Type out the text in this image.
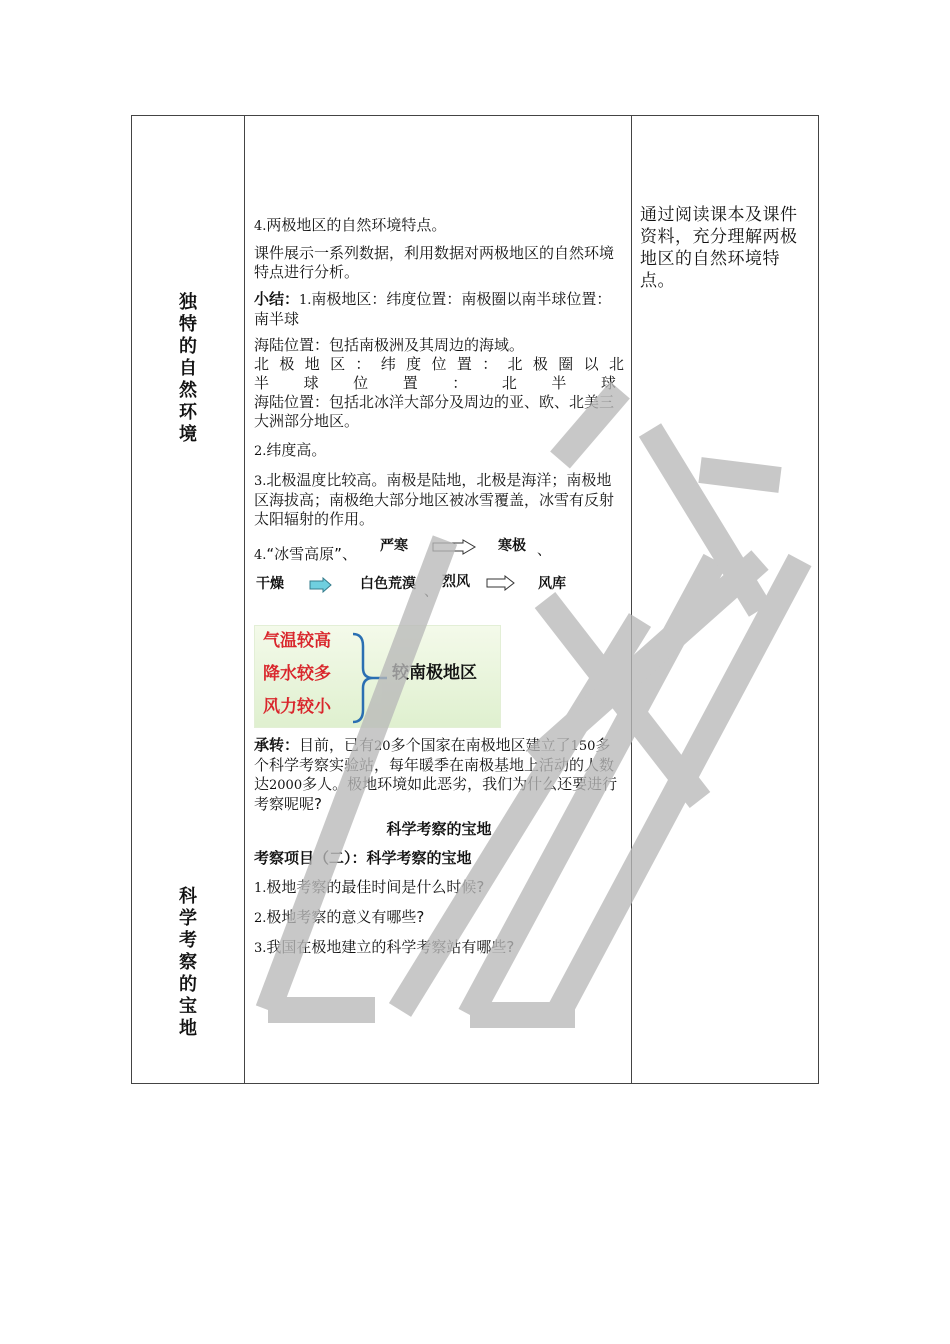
独
特
的
自
然
环
境
科
学
考
察
的
宝
地

4.两极地区的自然环境特点。

课件展示一系列数据，利用数据对两极地区的自然环境特点进行分析。

小结：1.南极地区：纬度位置：南极圈以南半球位置：南半球

海陆位置：包括南极洲及其周边的海域。

北极地区：纬度位置：北极圈以北

半球位置：北半球

海陆位置：包括北冰洋大部分及周边的亚、欧、北美三大洲部分地区。

2.纬度高。

3.北极温度比较高。南极是陆地，北极是海洋；南极地区海拔高；南极绝大部分地区被冰雪覆盖，冰雪有反射太阳辐射的作用。

4.“冰雪高原”、 严寒	寒极 、
干燥	白色荒漠 、
烈风	风库
气温较高
降水较多
风力较小
较南极地区

承转：目前，已有20多个国家在南极地区建立了150多个科学考察实验站，每年暖季在南极基地上活动的人数达2000多人。极地环境如此恶劣，我们为什么还要进行考察呢呢?

科学考察的宝地

考察项目（二）：科学考察的宝地

1.极地考察的最佳时间是什么时候?

2.极地考察的意义有哪些?

3.我国在极地建立的科学考察站有哪些?

通过阅读课本及课件资料，充分理解两极地区的自然环境特点。
